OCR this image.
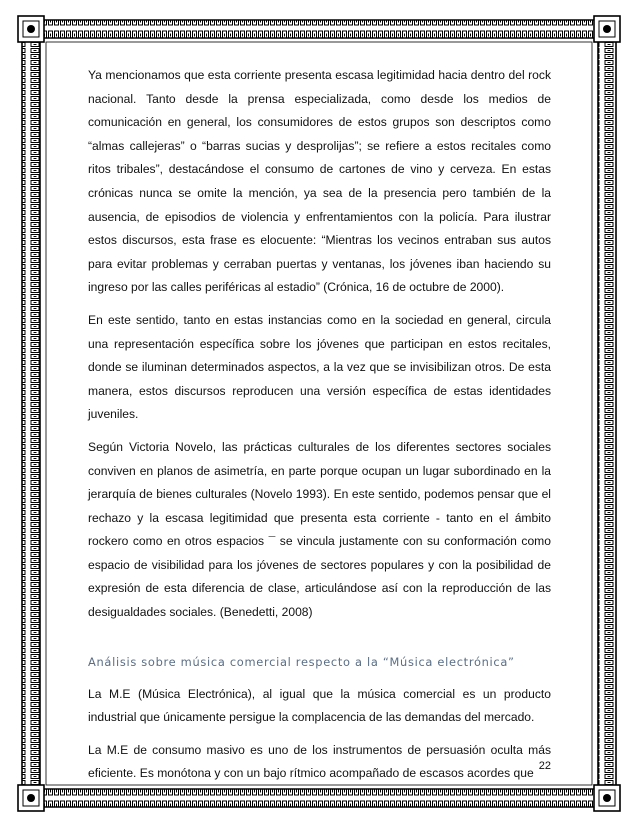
Ya mencionamos que esta corriente presenta escasa legitimidad hacia dentro del rock nacional. Tanto desde la prensa especializada, como desde los medios de comunicación en general, los consumidores de estos grupos son descriptos como “almas callejeras” o “barras sucias y desprolijas”; se refiere a estos recitales como ritos tribales”, destacándose el consumo de cartones de vino y cerveza. En estas crónicas nunca se omite la mención, ya sea de la presencia pero también de la ausencia, de episodios de violencia y enfrentamientos con la policía. Para ilustrar estos discursos, esta frase es elocuente: “Mientras los vecinos entraban sus autos para evitar problemas y cerraban puertas y ventanas, los jóvenes iban haciendo su ingreso por las calles periféricas al estadio” (Crónica, 16 de octubre de 2000).

En este sentido, tanto en estas instancias como en la sociedad en general, circula una representación específica sobre los jóvenes que participan en estos recitales, donde se iluminan determinados aspectos, a la vez que se invisibilizan otros. De esta manera, estos discursos reproducen una versión específica de estas identidades juveniles.

Según Victoria Novelo, las prácticas culturales de los diferentes sectores sociales conviven en planos de asimetría, en parte porque ocupan un lugar subordinado en la jerarquía de bienes culturales (Novelo 1993). En este sentido, podemos pensar que el rechazo y la escasa legitimidad que presenta esta corriente - tanto en el ámbito rockero como en otros espacios ¯ se vincula justamente con su conformación como espacio de visibilidad para los jóvenes de sectores populares y con la posibilidad de expresión de esta diferencia de clase, articulándose así con la reproducción de las desigualdades sociales. (Benedetti, 2008)

Análisis sobre música comercial respecto a la “Música electrónica”

La M.E (Música Electrónica), al igual que la música comercial es un producto industrial que únicamente persigue la complacencia de las demandas del mercado.

La M.E de consumo masivo es uno de los instrumentos de persuasión oculta más eficiente. Es monótona y con un bajo rítmico acompañado de escasos acordes que

22
